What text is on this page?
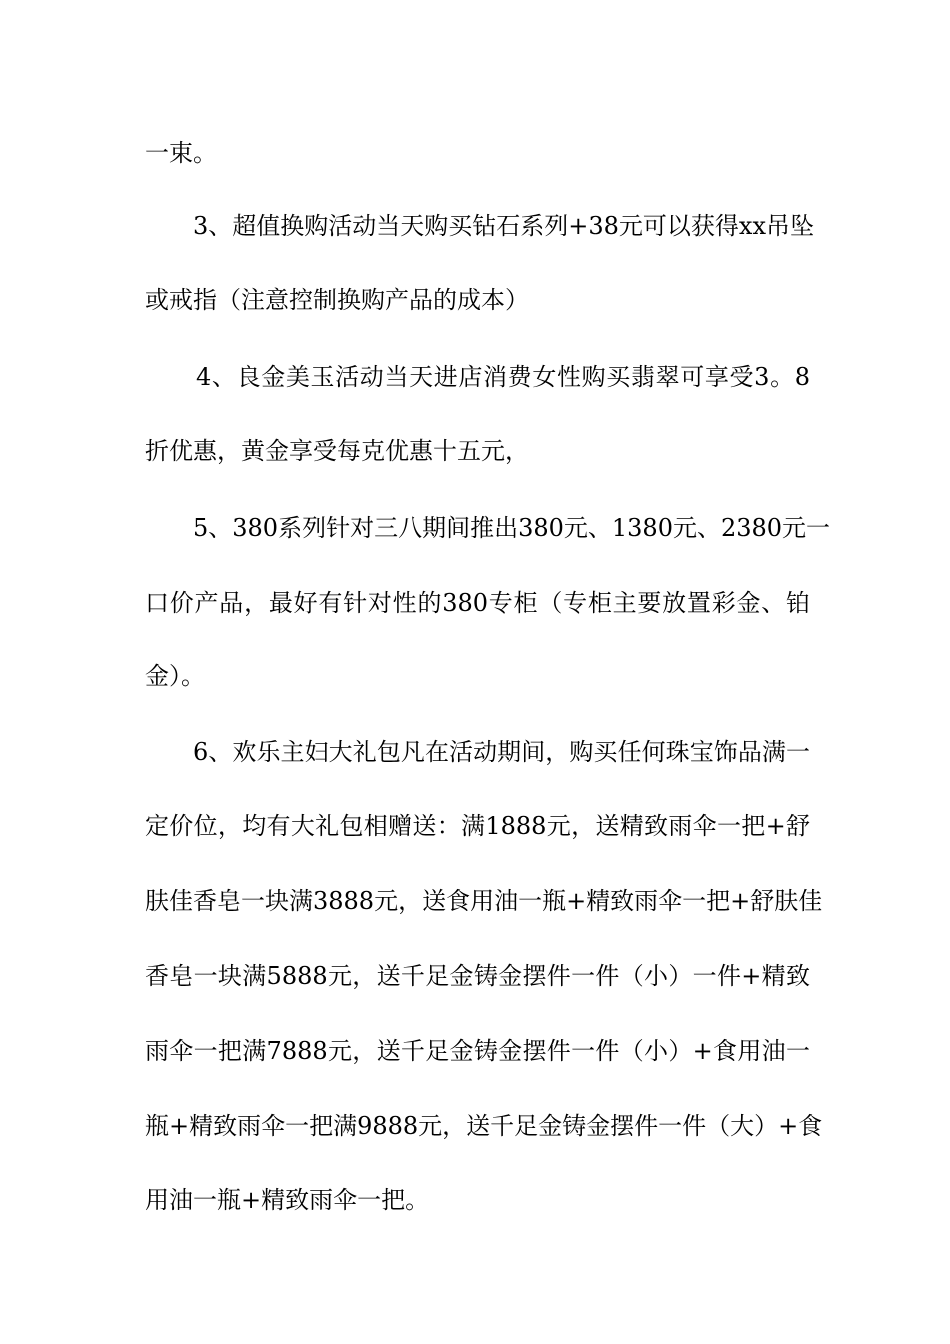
一束。
3、超值换购活动当天购买钻石系列+38元可以获得xx吊坠
或戒指（注意控制换购产品的成本）
4、良金美玉活动当天进店消费女性购买翡翠可享受3。8
折优惠，黄金享受每克优惠十五元，
5、380系列针对三八期间推出380元、1380元、2380元一
口价产品，最好有针对性的380专柜（专柜主要放置彩金、铂
金）。
6、欢乐主妇大礼包凡在活动期间，购买任何珠宝饰品满一
定价位，均有大礼包相赠送：满1888元，送精致雨伞一把+舒
肤佳香皂一块满3888元，送食用油一瓶+精致雨伞一把+舒肤佳
香皂一块满5888元，送千足金铸金摆件一件（小）一件+精致
雨伞一把满7888元，送千足金铸金摆件一件（小）+食用油一
瓶+精致雨伞一把满9888元，送千足金铸金摆件一件（大）+食
用油一瓶+精致雨伞一把。
